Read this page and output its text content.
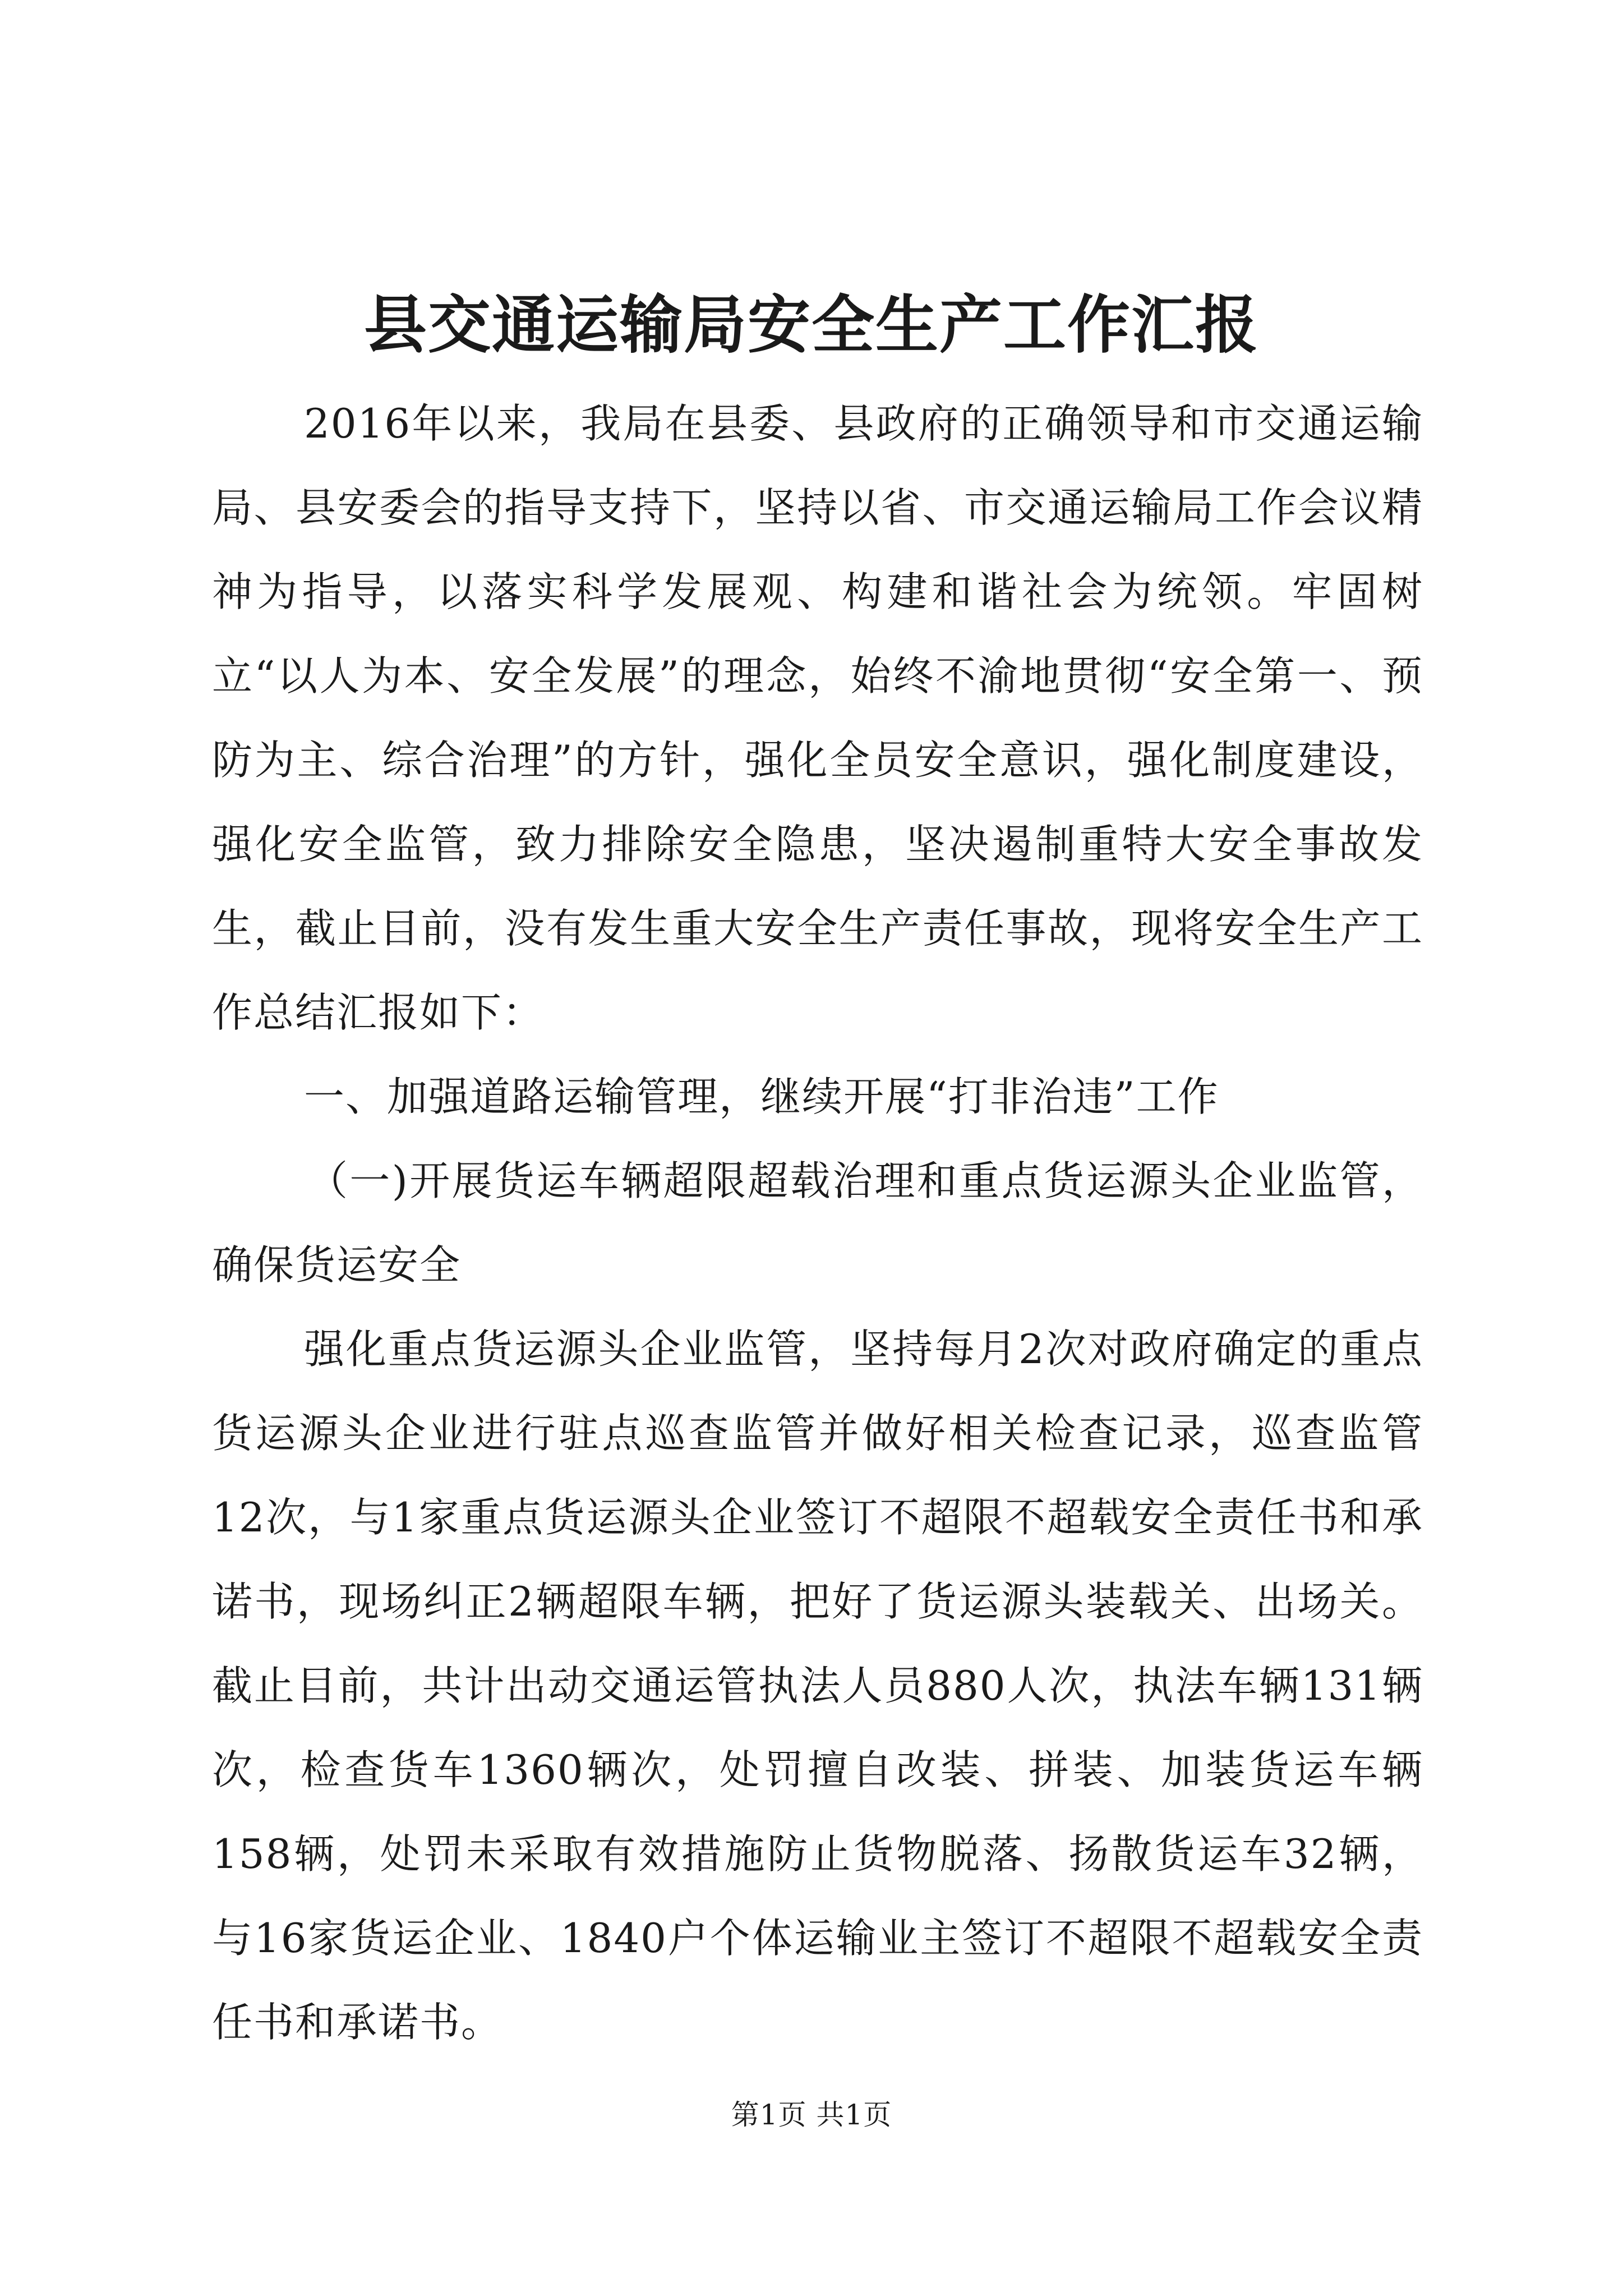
县交通运输局安全生产工作汇报

2016年以来，我局在县委、县政府的正确领导和市交通运输局、县安委会的指导支持下，坚持以省、市交通运输局工作会议精神为指导，以落实科学发展观、构建和谐社会为统领。牢固树立“以人为本、安全发展”的理念，始终不渝地贯彻“安全第一、预防为主、综合治理”的方针，强化全员安全意识，强化制度建设，强化安全监管，致力排除安全隐患，坚决遏制重特大安全事故发生，截止目前，没有发生重大安全生产责任事故，现将安全生产工作总结汇报如下：

一、加强道路运输管理，继续开展“打非治违”工作

（一)开展货运车辆超限超载治理和重点货运源头企业监管，确保货运安全

强化重点货运源头企业监管，坚持每月2次对政府确定的重点货运源头企业进行驻点巡查监管并做好相关检查记录，巡查监管12次，与1家重点货运源头企业签订不超限不超载安全责任书和承诺书，现场纠正2辆超限车辆，把好了货运源头装载关、出场关。截止目前，共计出动交通运管执法人员880人次，执法车辆131辆次，检查货车1360辆次，处罚擅自改装、拼装、加装货运车辆158辆，处罚未采取有效措施防止货物脱落、扬散货运车32辆，与16家货运企业、1840户个体运输业主签订不超限不超载安全责任书和承诺书。

第1页 共1页
